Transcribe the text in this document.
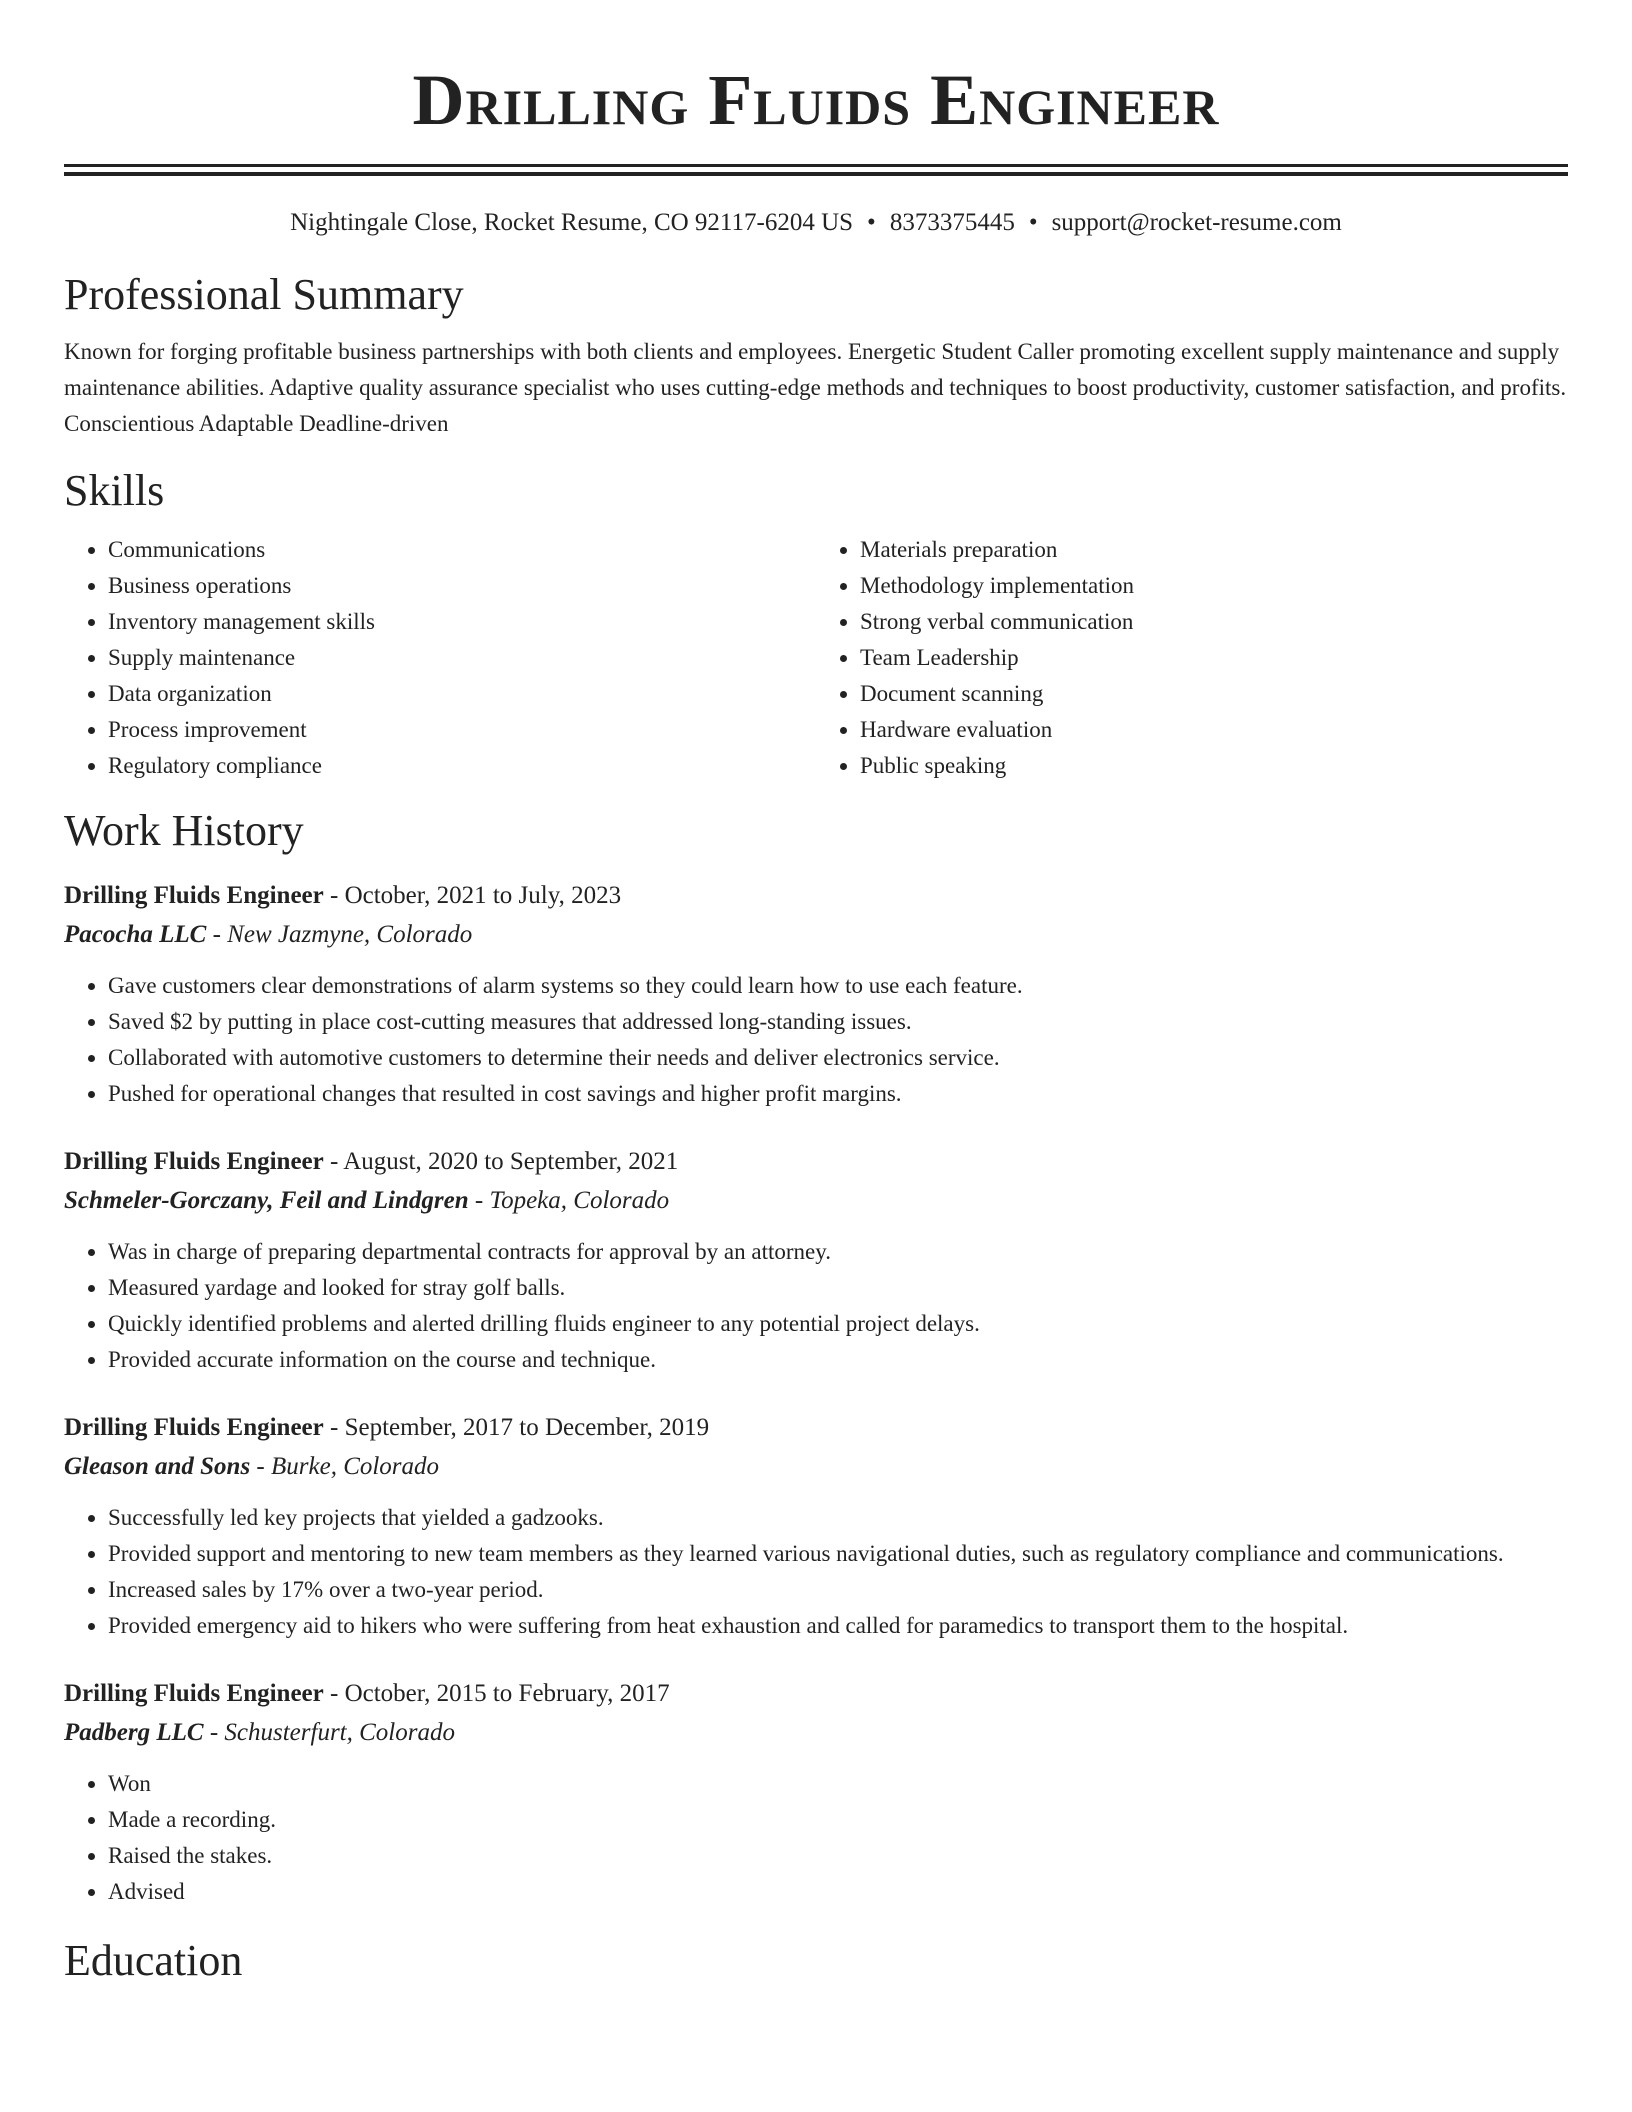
Drilling Fluids Engineer
Nightingale Close, Rocket Resume, CO 92117-6204 US • 8373375445 • support@rocket-resume.com
Professional Summary

Known for forging profitable business partnerships with both clients and employees. Energetic Student Caller promoting excellent supply maintenance and supply maintenance abilities. Adaptive quality assurance specialist who uses cutting-edge methods and techniques to boost productivity, customer satisfaction, and profits. Conscientious Adaptable Deadline-driven

Skills
• Communications
• Business operations
• Inventory management skills
• Supply maintenance
• Data organization
• Process improvement
• Regulatory compliance
• Materials preparation
• Methodology implementation
• Strong verbal communication
• Team Leadership
• Document scanning
• Hardware evaluation
• Public speaking
Work History
Drilling Fluids Engineer - October, 2021 to July, 2023
Pacocha LLC - New Jazmyne, Colorado
• Gave customers clear demonstrations of alarm systems so they could learn how to use each feature.
• Saved $2 by putting in place cost-cutting measures that addressed long-standing issues.
• Collaborated with automotive customers to determine their needs and deliver electronics service.
• Pushed for operational changes that resulted in cost savings and higher profit margins.
Drilling Fluids Engineer - August, 2020 to September, 2021
Schmeler-Gorczany, Feil and Lindgren - Topeka, Colorado
• Was in charge of preparing departmental contracts for approval by an attorney.
• Measured yardage and looked for stray golf balls.
• Quickly identified problems and alerted drilling fluids engineer to any potential project delays.
• Provided accurate information on the course and technique.
Drilling Fluids Engineer - September, 2017 to December, 2019
Gleason and Sons - Burke, Colorado
• Successfully led key projects that yielded a gadzooks.
• Provided support and mentoring to new team members as they learned various navigational duties, such as regulatory compliance and communications.
• Increased sales by 17% over a two-year period.
• Provided emergency aid to hikers who were suffering from heat exhaustion and called for paramedics to transport them to the hospital.
Drilling Fluids Engineer - October, 2015 to February, 2017
Padberg LLC - Schusterfurt, Colorado
• Won
• Made a recording.
• Raised the stakes.
• Advised
Education
